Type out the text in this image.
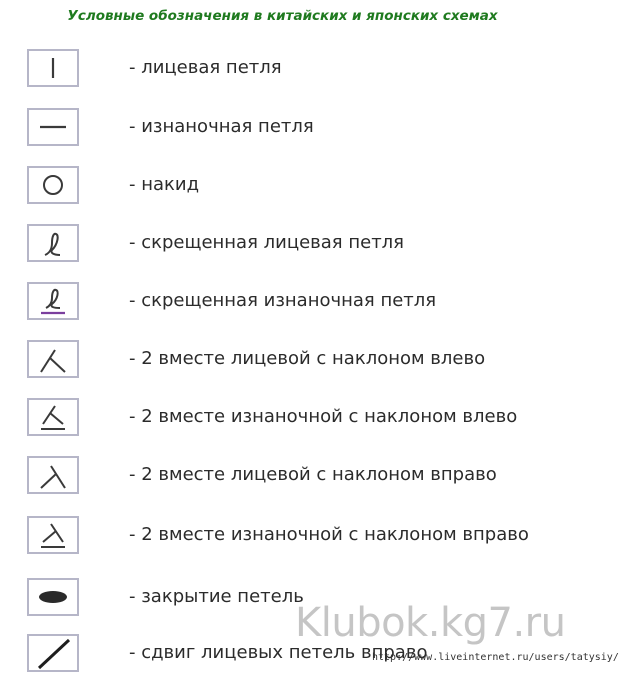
Условные обозначения в китайских и японских схемах
- лицевая петля
- изнаночная петля
- накид
- скрещенная лицевая петля
- скрещенная изнаночная петля
- 2 вместе лицевой с наклоном влево
- 2 вместе изнаночной с наклоном влево
- 2 вместе лицевой с наклоном вправо
- 2 вместе изнаночной с наклоном вправо
- закрытие петель
- сдвиг лицевых петель вправо
Klubok.kg7.ru
http://www.liveinternet.ru/users/tatysiy/
